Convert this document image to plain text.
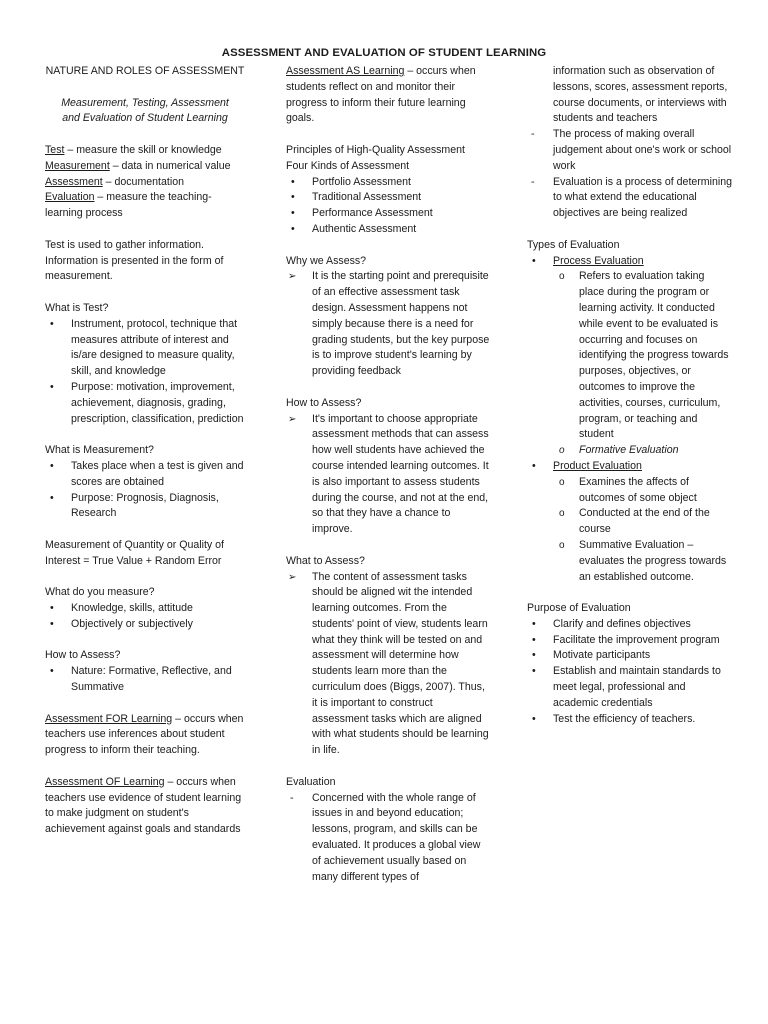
ASSESSMENT AND EVALUATION OF STUDENT LEARNING

NATURE AND ROLES OF ASSESSMENT

Measurement, Testing, Assessment and Evaluation of Student Learning

Test – measure the skill or knowledge
Measurement – data in numerical value
Assessment – documentation
Evaluation – measure the teaching-learning process

Test is used to gather information. Information is presented in the form of measurement.

What is Test?

• Instrument, protocol, technique that measures attribute of interest and is/are designed to measure quality, skill, and knowledge
• Purpose: motivation, improvement, achievement, diagnosis, grading, prescription, classification, prediction

What is Measurement?

• Takes place when a test is given and scores are obtained
• Purpose: Prognosis, Diagnosis, Research

Measurement of Quantity or Quality of Interest = True Value + Random Error

What do you measure?

• Knowledge, skills, attitude
• Objectively or subjectively

How to Assess?

• Nature: Formative, Reflective, and Summative

Assessment FOR Learning – occurs when teachers use inferences about student progress to inform their teaching.

Assessment OF Learning – occurs when teachers use evidence of student learning to make judgment on student's achievement against goals and standards

Assessment AS Learning – occurs when students reflect on and monitor their progress to inform their future learning goals.

Principles of High-Quality Assessment

Four Kinds of Assessment

• Portfolio Assessment
• Traditional Assessment
• Performance Assessment
• Authentic Assessment

Why we Assess?

➢ It is the starting point and prerequisite of an effective assessment task design. Assessment happens not simply because there is a need for grading students, but the key purpose is to improve student's learning by providing feedback

How to Assess?

➢ It's important to choose appropriate assessment methods that can assess how well students have achieved the course intended learning outcomes. It is also important to assess students during the course, and not at the end, so that they have a chance to improve.

What to Assess?

➢ The content of assessment tasks should be aligned wit the intended learning outcomes. From the students' point of view, students learn what they think will be tested on and assessment will determine how students learn more than the curriculum does (Biggs, 2007). Thus, it is important to construct assessment tasks which are aligned with what students should be learning in life.

Evaluation

- Concerned with the whole range of issues in and beyond education; lessons, program, and skills can be evaluated. It produces a global view of achievement usually based on many different types of
information such as observation of lessons, scores, assessment reports, course documents, or interviews with students and teachers
- The process of making overall judgement about one's work or school work
- Evaluation is a process of determining to what extend the educational objectives are being realized

Types of Evaluation

• Process Evaluation
o Refers to evaluation taking place during the program or learning activity. It conducted while event to be evaluated is occurring and focuses on identifying the progress towards purposes, objectives, or outcomes to improve the activities, courses, curriculum, program, or teaching and student
o Formative Evaluation
• Product Evaluation
o Examines the affects of outcomes of some object
o Conducted at the end of the course
o Summative Evaluation – evaluates the progress towards an established outcome.

Purpose of Evaluation

• Clarify and defines objectives
• Facilitate the improvement program
• Motivate participants
• Establish and maintain standards to meet legal, professional and academic credentials
• Test the efficiency of teachers.
